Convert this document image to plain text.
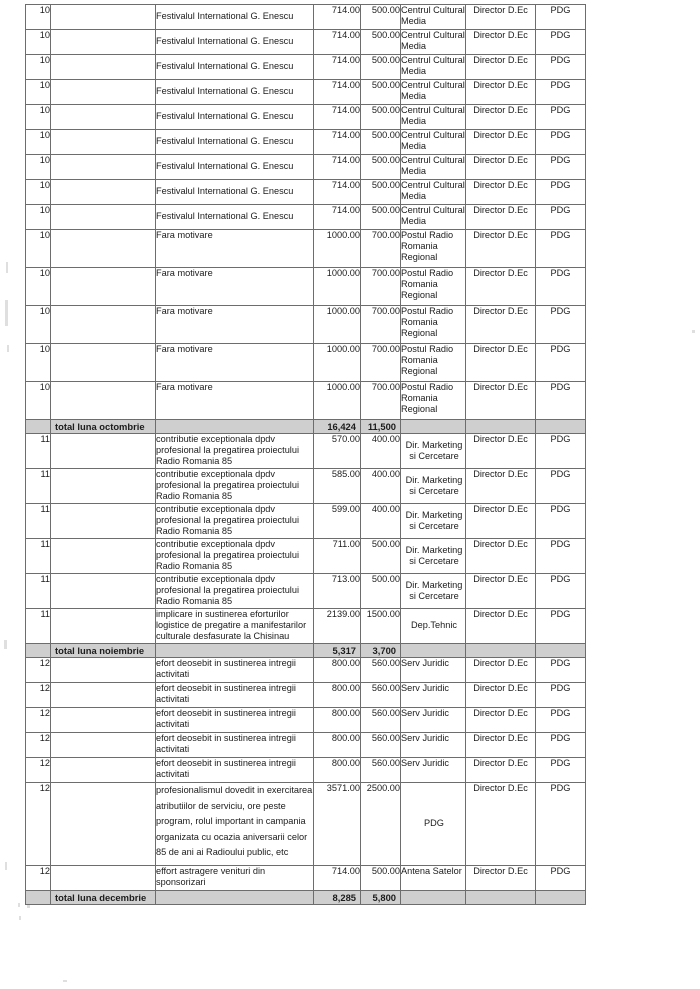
10		Festivalul International G. Enescu	714.00	500.00	Centrul Cultural
Media	Director D.Ec	PDG
10		Festivalul International G. Enescu	714.00	500.00	Centrul Cultural
Media	Director D.Ec	PDG
10		Festivalul International G. Enescu	714.00	500.00	Centrul Cultural
Media	Director D.Ec	PDG
10		Festivalul International G. Enescu	714.00	500.00	Centrul Cultural
Media	Director D.Ec	PDG
10		Festivalul International G. Enescu	714.00	500.00	Centrul Cultural
Media	Director D.Ec	PDG
10		Festivalul International G. Enescu	714.00	500.00	Centrul Cultural
Media	Director D.Ec	PDG
10		Festivalul International G. Enescu	714.00	500.00	Centrul Cultural
Media	Director D.Ec	PDG
10		Festivalul International G. Enescu	714.00	500.00	Centrul Cultural
Media	Director D.Ec	PDG
10		Festivalul International G. Enescu	714.00	500.00	Centrul Cultural
Media	Director D.Ec	PDG
10		Fara motivare	1000.00	700.00	Postul Radio
Romania
Regional	Director D.Ec	PDG
10		Fara motivare	1000.00	700.00	Postul Radio
Romania
Regional	Director D.Ec	PDG
10		Fara motivare	1000.00	700.00	Postul Radio
Romania
Regional	Director D.Ec	PDG
10		Fara motivare	1000.00	700.00	Postul Radio
Romania
Regional	Director D.Ec	PDG
10		Fara motivare	1000.00	700.00	Postul Radio
Romania
Regional	Director D.Ec	PDG
	total luna octombrie		16,424	11,500			
11		contributie exceptionala dpdv
profesional la pregatirea proiectului
Radio Romania 85	570.00	400.00	Dir. Marketing
si Cercetare	Director D.Ec	PDG
11		contributie exceptionala dpdv
profesional la pregatirea proiectului
Radio Romania 85	585.00	400.00	Dir. Marketing
si Cercetare	Director D.Ec	PDG
11		contributie exceptionala dpdv
profesional la pregatirea proiectului
Radio Romania 85	599.00	400.00	Dir. Marketing
si Cercetare	Director D.Ec	PDG
11		contributie exceptionala dpdv
profesional la pregatirea proiectului
Radio Romania 85	711.00	500.00	Dir. Marketing
si Cercetare	Director D.Ec	PDG
11		contributie exceptionala dpdv
profesional la pregatirea proiectului
Radio Romania 85	713.00	500.00	Dir. Marketing
si Cercetare	Director D.Ec	PDG
11		implicare in sustinerea eforturilor
logistice de pregatire a manifestarilor
culturale desfasurate la Chisinau	2139.00	1500.00	Dep.Tehnic	Director D.Ec	PDG
	total luna noiembrie		5,317	3,700			
12		efort deosebit in sustinerea intregii
activitati	800.00	560.00	Serv Juridic	Director D.Ec	PDG
12		efort deosebit in sustinerea intregii
activitati	800.00	560.00	Serv Juridic	Director D.Ec	PDG
12		efort deosebit in sustinerea intregii
activitati	800.00	560.00	Serv Juridic	Director D.Ec	PDG
12		efort deosebit in sustinerea intregii
activitati	800.00	560.00	Serv Juridic	Director D.Ec	PDG
12		efort deosebit in sustinerea intregii
activitati	800.00	560.00	Serv Juridic	Director D.Ec	PDG
12		profesionalismul dovedit in exercitarea
atributiilor de serviciu, ore peste
program, rolul important in campania
organizata cu ocazia aniversarii celor
85 de ani ai Radioului public, etc	3571.00	2500.00	PDG	Director D.Ec	PDG
12		effort astragere venituri din
sponsorizari	714.00	500.00	Antena Satelor	Director D.Ec	PDG
	total luna decembrie		8,285	5,800			
